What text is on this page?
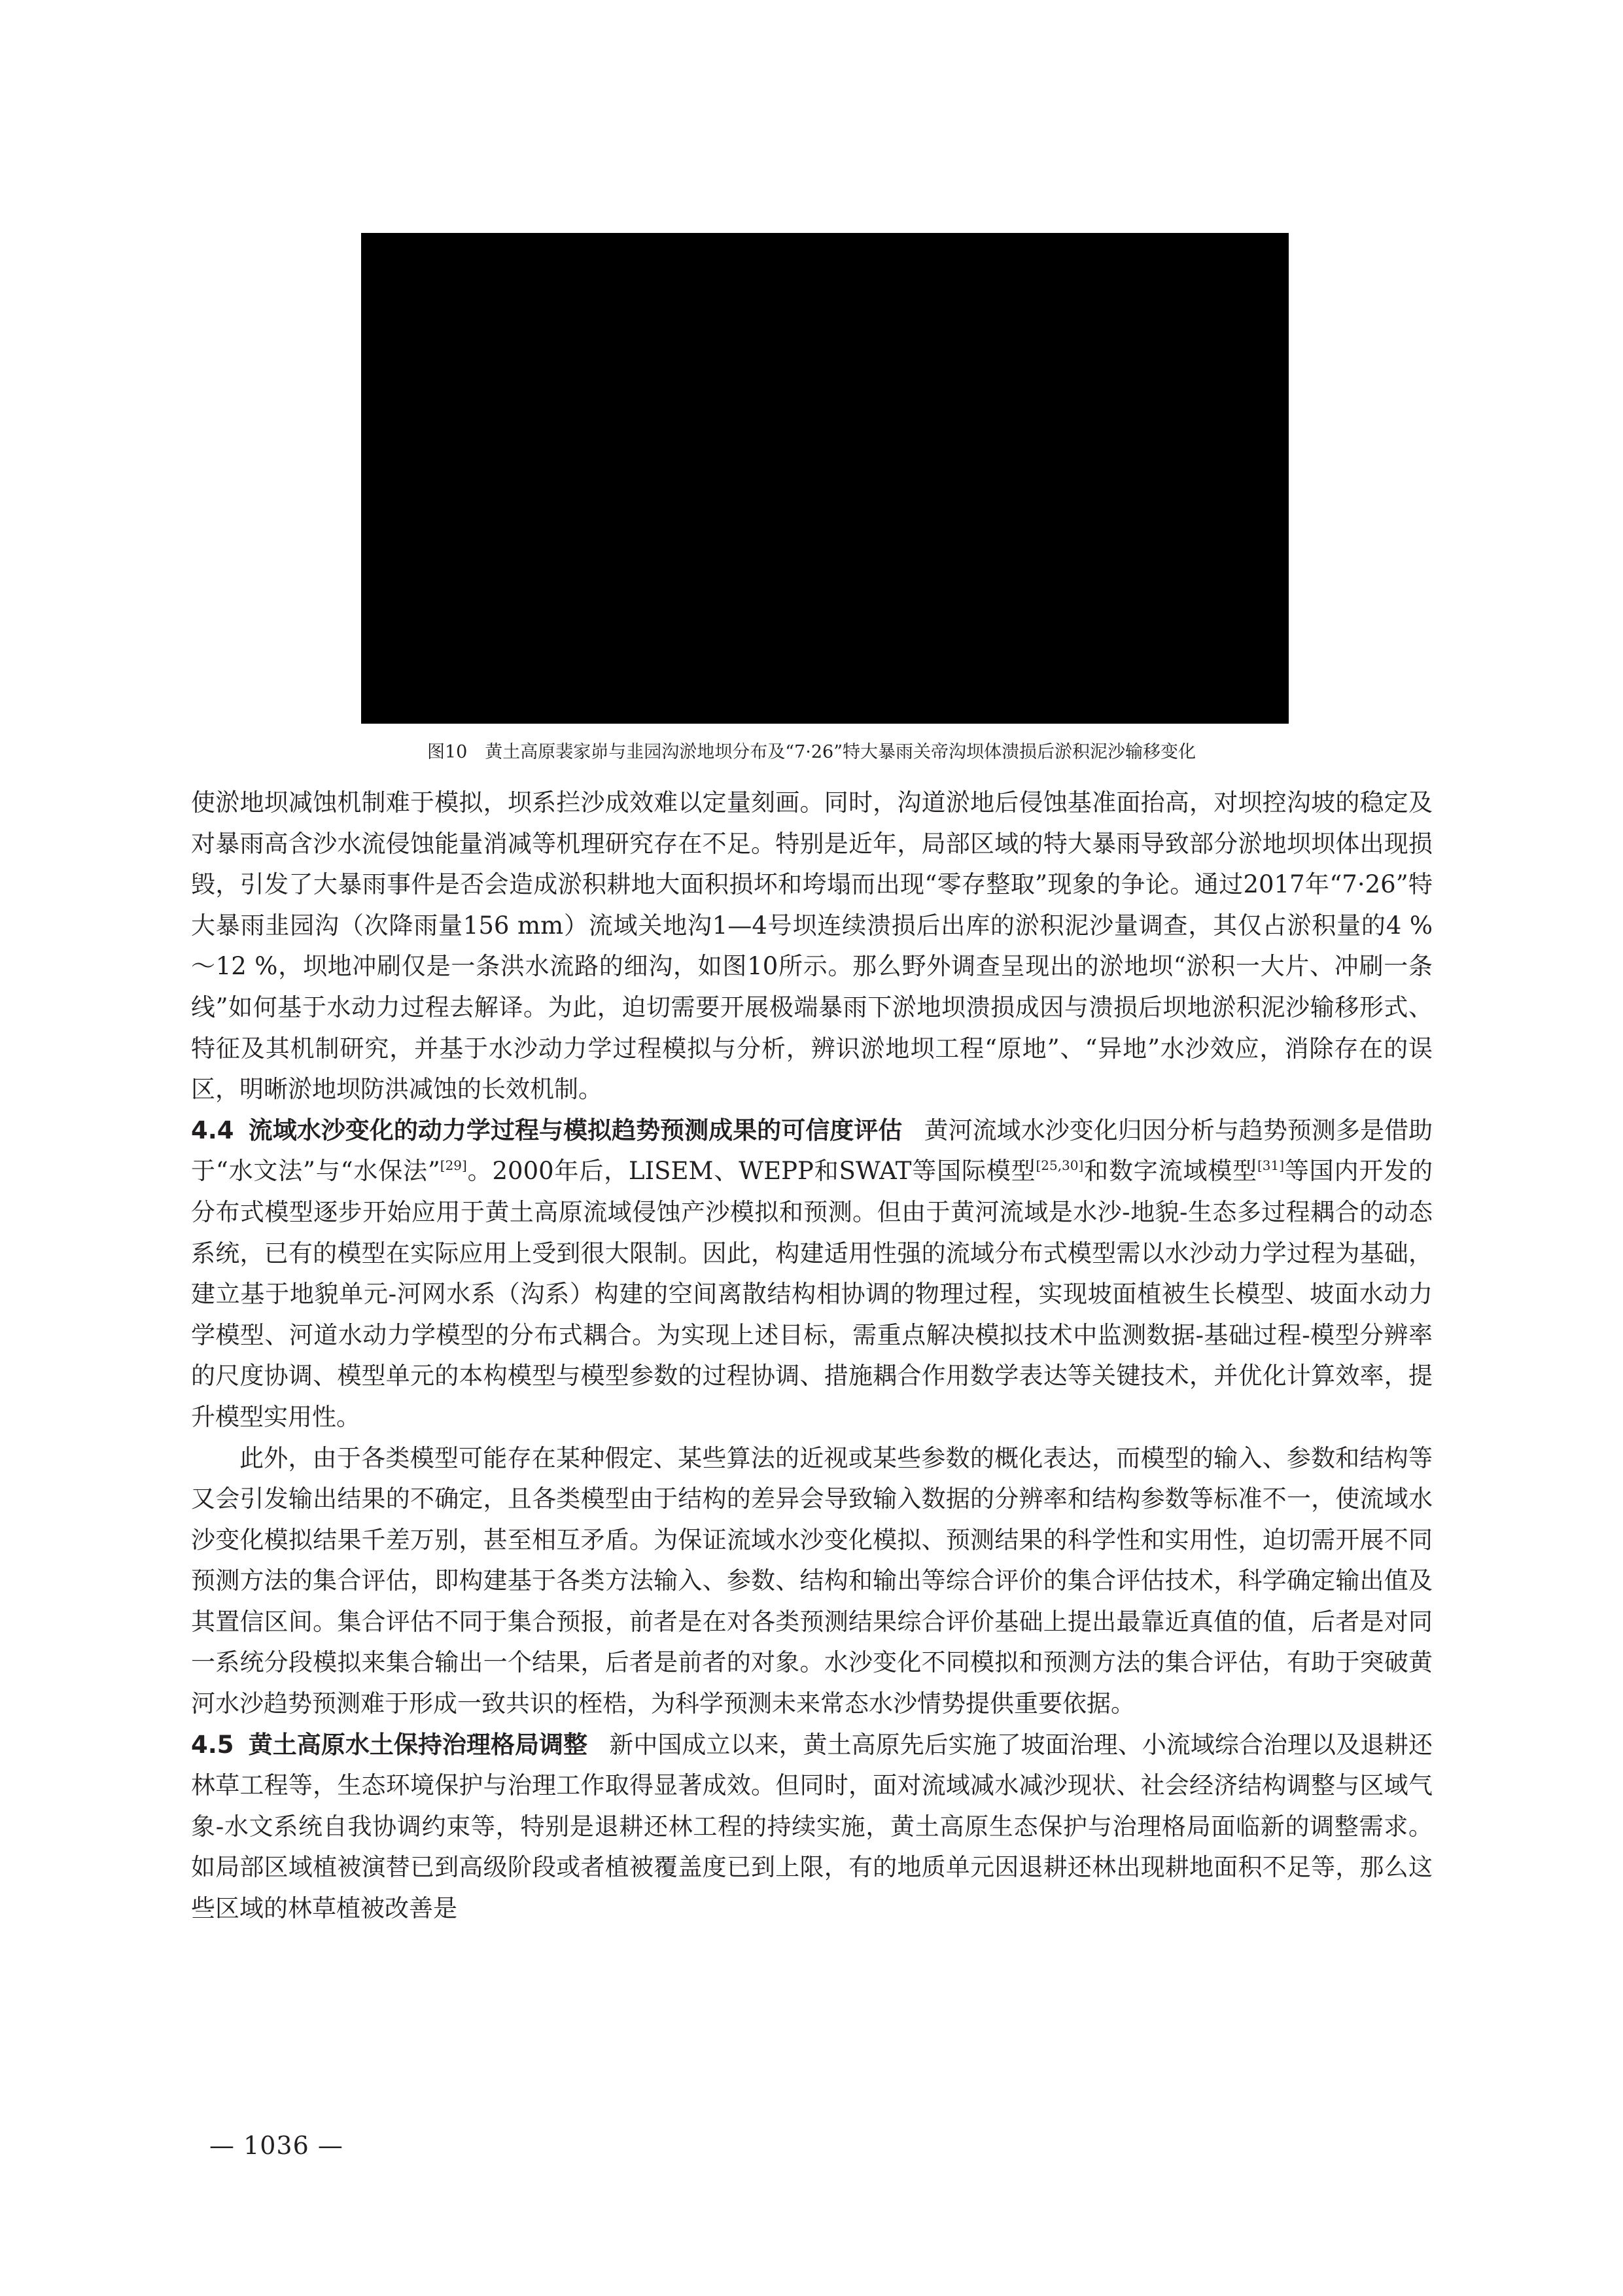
图10　黄土高原裴家峁与韭园沟淤地坝分布及“7·26”特大暴雨关帝沟坝体溃损后淤积泥沙输移变化

使淤地坝减蚀机制难于模拟，坝系拦沙成效难以定量刻画。同时，沟道淤地后侵蚀基准面抬高，对坝控沟坡的稳定及对暴雨高含沙水流侵蚀能量消减等机理研究存在不足。特别是近年，局部区域的特大暴雨导致部分淤地坝坝体出现损毁，引发了大暴雨事件是否会造成淤积耕地大面积损坏和垮塌而出现“零存整取”现象的争论。通过2017年“7·26”特大暴雨韭园沟（次降雨量156 mm）流域关地沟1—4号坝连续溃损后出库的淤积泥沙量调查，其仅占淤积量的4 %～12 %，坝地冲刷仅是一条洪水流路的细沟，如图10所示。那么野外调查呈现出的淤地坝“淤积一大片、冲刷一条线”如何基于水动力过程去解译。为此，迫切需要开展极端暴雨下淤地坝溃损成因与溃损后坝地淤积泥沙输移形式、特征及其机制研究，并基于水沙动力学过程模拟与分析，辨识淤地坝工程“原地”、“异地”水沙效应，消除存在的误区，明晰淤地坝防洪减蚀的长效机制。

4.4 流域水沙变化的动力学过程与模拟趋势预测成果的可信度评估 黄河流域水沙变化归因分析与趋势预测多是借助于“水文法”与“水保法”[29]。2000年后，LISEM、WEPP和SWAT等国际模型[25,30]和数字流域模型[31]等国内开发的分布式模型逐步开始应用于黄土高原流域侵蚀产沙模拟和预测。但由于黄河流域是水沙-地貌-生态多过程耦合的动态系统，已有的模型在实际应用上受到很大限制。因此，构建适用性强的流域分布式模型需以水沙动力学过程为基础，建立基于地貌单元-河网水系（沟系）构建的空间离散结构相协调的物理过程，实现坡面植被生长模型、坡面水动力学模型、河道水动力学模型的分布式耦合。为实现上述目标，需重点解决模拟技术中监测数据-基础过程-模型分辨率的尺度协调、模型单元的本构模型与模型参数的过程协调、措施耦合作用数学表达等关键技术，并优化计算效率，提升模型实用性。

此外，由于各类模型可能存在某种假定、某些算法的近视或某些参数的概化表达，而模型的输入、参数和结构等又会引发输出结果的不确定，且各类模型由于结构的差异会导致输入数据的分辨率和结构参数等标准不一，使流域水沙变化模拟结果千差万别，甚至相互矛盾。为保证流域水沙变化模拟、预测结果的科学性和实用性，迫切需开展不同预测方法的集合评估，即构建基于各类方法输入、参数、结构和输出等综合评价的集合评估技术，科学确定输出值及其置信区间。集合评估不同于集合预报，前者是在对各类预测结果综合评价基础上提出最靠近真值的值，后者是对同一系统分段模拟来集合输出一个结果，后者是前者的对象。水沙变化不同模拟和预测方法的集合评估，有助于突破黄河水沙趋势预测难于形成一致共识的桎梏，为科学预测未来常态水沙情势提供重要依据。

4.5 黄土高原水土保持治理格局调整 新中国成立以来，黄土高原先后实施了坡面治理、小流域综合治理以及退耕还林草工程等，生态环境保护与治理工作取得显著成效。但同时，面对流域减水减沙现状、社会经济结构调整与区域气象-水文系统自我协调约束等，特别是退耕还林工程的持续实施，黄土高原生态保护与治理格局面临新的调整需求。如局部区域植被演替已到高级阶段或者植被覆盖度已到上限，有的地质单元因退耕还林出现耕地面积不足等，那么这些区域的林草植被改善是

— 1036 —
